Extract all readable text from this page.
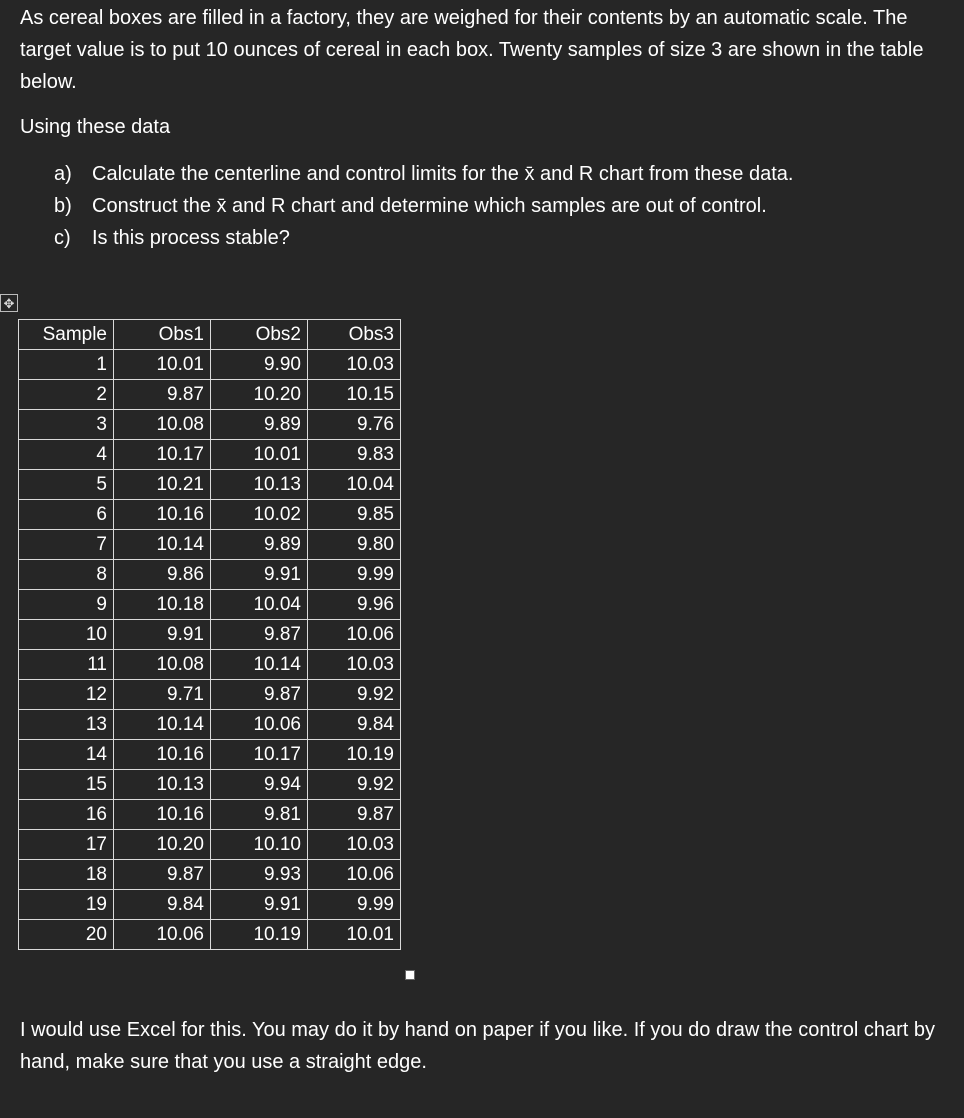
As cereal boxes are filled in a factory, they are weighed for their contents by an automatic scale. The target value is to put 10 ounces of cereal in each box. Twenty samples of size 3 are shown in the table below.

Using these data

a)	Calculate the centerline and control limits for the x̄ and R chart from these data.
b)	Construct the x̄ and R chart and determine which samples are out of control.
c)	Is this process stable?
✥
Sample	Obs1	Obs2	Obs3
1	10.01	9.90	10.03
2	9.87	10.20	10.15
3	10.08	9.89	9.76
4	10.17	10.01	9.83
5	10.21	10.13	10.04
6	10.16	10.02	9.85
7	10.14	9.89	9.80
8	9.86	9.91	9.99
9	10.18	10.04	9.96
10	9.91	9.87	10.06
11	10.08	10.14	10.03
12	9.71	9.87	9.92
13	10.14	10.06	9.84
14	10.16	10.17	10.19
15	10.13	9.94	9.92
16	10.16	9.81	9.87
17	10.20	10.10	10.03
18	9.87	9.93	10.06
19	9.84	9.91	9.99
20	10.06	10.19	10.01

I would use Excel for this. You may do it by hand on paper if you like. If you do draw the control chart by hand, make sure that you use a straight edge.
